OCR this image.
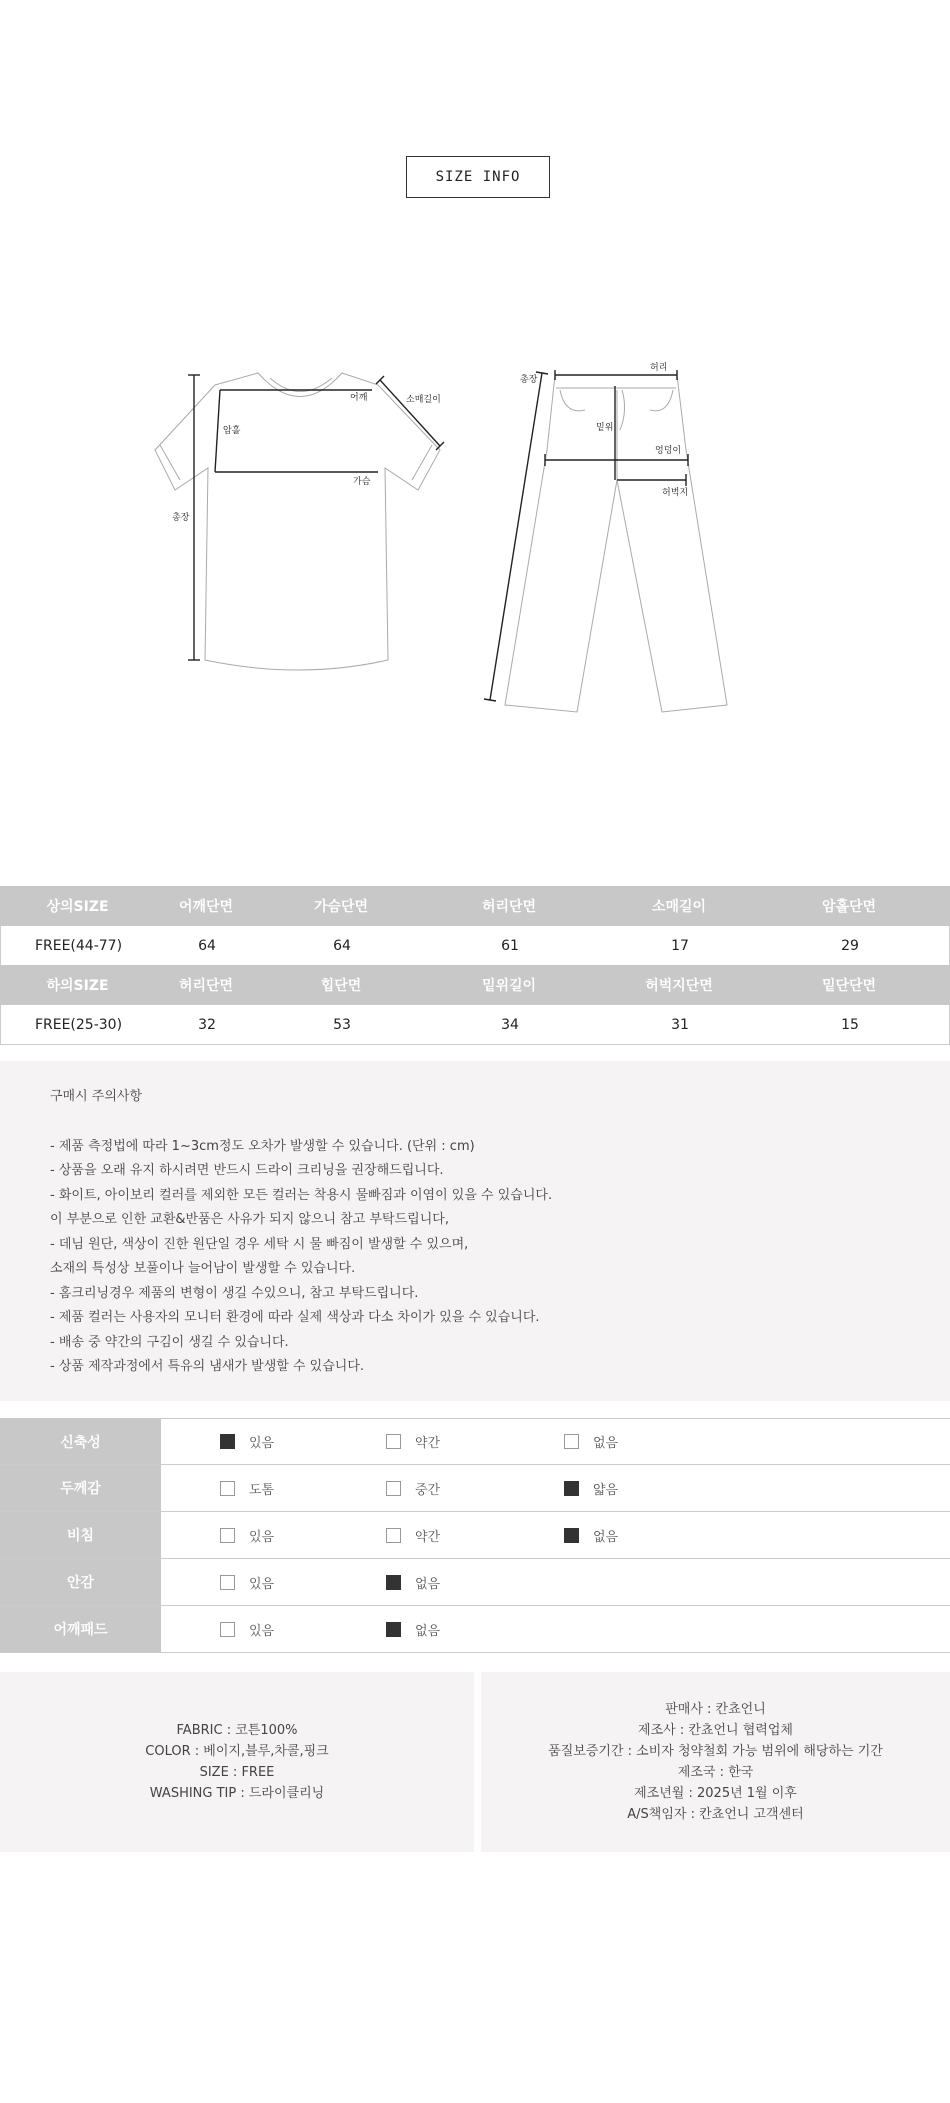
SIZE INFO
어깨	소매길이
암홀
가슴
총장
허리
총장
밑위
엉덩이
허벅지
상의SIZE	어깨단면	가슴단면	허리단면	소매길이	암홀단면
FREE(44-77)	64	64	61	17	29
하의SIZE	허리단면	힙단면	밑위길이	허벅지단면	밑단단면
FREE(25-30)	32	53	34	31	15
구매시 주의사항
- 제품 측정법에 따라 1~3cm정도 오차가 발생할 수 있습니다. (단위 : cm)
- 상품을 오래 유지 하시려면 반드시 드라이 크리닝을 권장해드립니다.
- 화이트, 아이보리 컬러를 제외한 모든 컬러는 착용시 물빠짐과 이염이 있을 수 있습니다.
이 부분으로 인한 교환&반품은 사유가 되지 않으니 참고 부탁드립니다,
- 데님 원단, 색상이 진한 원단일 경우 세탁 시 물 빠짐이 발생할 수 있으며,
소재의 특성상 보풀이나 늘어남이 발생할 수 있습니다.
- 홈크리닝경우 제품의 변형이 생길 수있으니, 참고 부탁드립니다.
- 제품 컬러는 사용자의 모니터 환경에 따라 실제 색상과 다소 차이가 있을 수 있습니다.
- 배송 중 약간의 구김이 생길 수 있습니다.
- 상품 제작과정에서 특유의 냄새가 발생할 수 있습니다.
신축성	있음	약간	없음
두께감	도톰	중간	얇음
비침	있음	약간	없음
안감	있음	없음
어깨패드	있음	없음
FABRIC : 코튼100%
COLOR : 베이지,블루,차콜,핑크
SIZE : FREE
WASHING TIP : 드라이클리닝
판매사 : 칸쵸언니
제조사 : 칸쵸언니 협력업체
품질보증기간 : 소비자 청약철회 가능 범위에 해당하는 기간
제조국 : 한국
제조년월 : 2025년 1월 이후
A/S책임자 : 칸쵸언니 고객센터
